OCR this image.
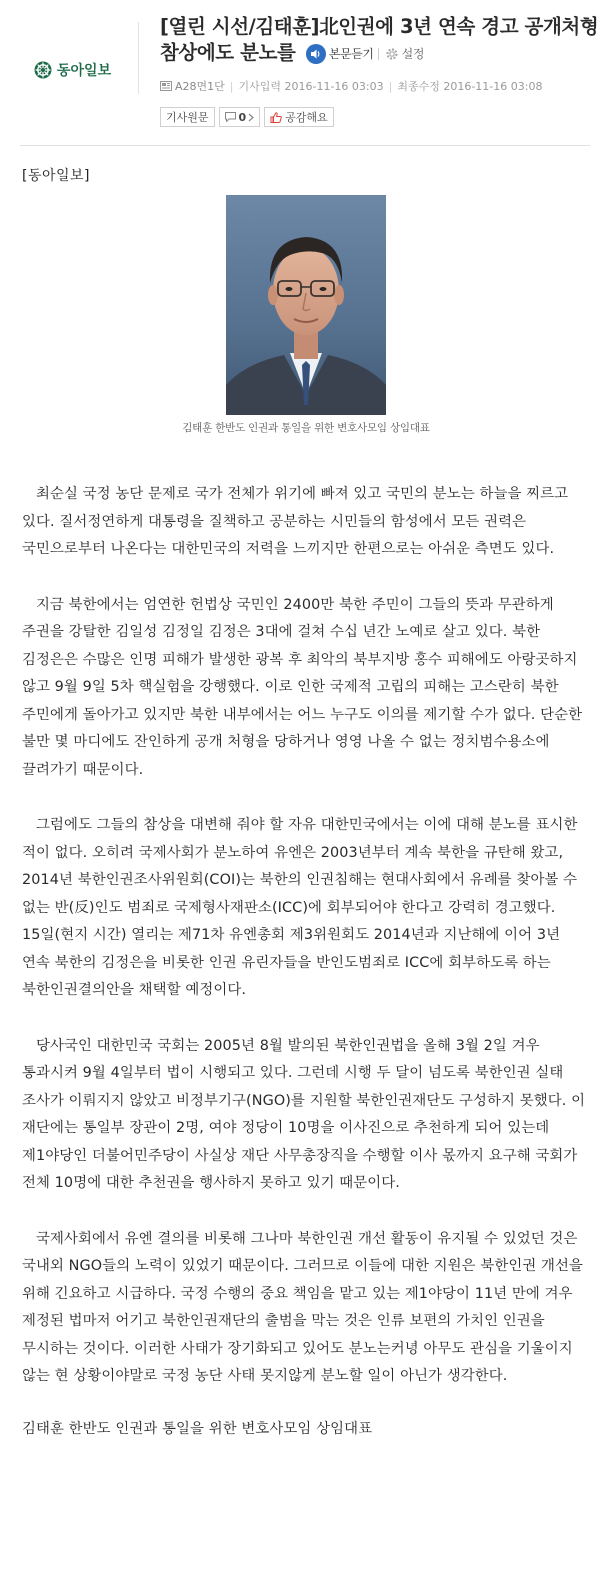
동아일보
[열린 시선/김태훈]北인권에 3년 연속 경고 공개처형 참상에도 분노를	본문듣기 설정
A28면1단 | 기사입력 2016-11-16 03:03 | 최종수정 2016-11-16 03:08
기사원문	0	공감해요
[동아일보]
김태훈 한반도 인권과 통일을 위한 변호사모임 상임대표

최순실 국정 농단 문제로 국가 전체가 위기에 빠져 있고 국민의 분노는 하늘을 찌르고 있다. 질서정연하게 대통령을 질책하고 공분하는 시민들의 함성에서 모든 권력은 국민으로부터 나온다는 대한민국의 저력을 느끼지만 한편으로는 아쉬운 측면도 있다.

지금 북한에서는 엄연한 헌법상 국민인 2400만 북한 주민이 그들의 뜻과 무관하게 주권을 강탈한 김일성 김정일 김정은 3대에 걸쳐 수십 년간 노예로 살고 있다. 북한 김정은은 수많은 인명 피해가 발생한 광복 후 최악의 북부지방 홍수 피해에도 아랑곳하지 않고 9월 9일 5차 핵실험을 강행했다. 이로 인한 국제적 고립의 피해는 고스란히 북한 주민에게 돌아가고 있지만 북한 내부에서는 어느 누구도 이의를 제기할 수가 없다. 단순한 불만 몇 마디에도 잔인하게 공개 처형을 당하거나 영영 나올 수 없는 정치범수용소에 끌려가기 때문이다.

그럼에도 그들의 참상을 대변해 줘야 할 자유 대한민국에서는 이에 대해 분노를 표시한 적이 없다. 오히려 국제사회가 분노하여 유엔은 2003년부터 계속 북한을 규탄해 왔고, 2014년 북한인권조사위원회(COI)는 북한의 인권침해는 현대사회에서 유례를 찾아볼 수 없는 반(反)인도 범죄로 국제형사재판소(ICC)에 회부되어야 한다고 강력히 경고했다. 15일(현지 시간) 열리는 제71차 유엔총회 제3위원회도 2014년과 지난해에 이어 3년 연속 북한의 김정은을 비롯한 인권 유린자들을 반인도범죄로 ICC에 회부하도록 하는 북한인권결의안을 채택할 예정이다.

당사국인 대한민국 국회는 2005년 8월 발의된 북한인권법을 올해 3월 2일 겨우 통과시켜 9월 4일부터 법이 시행되고 있다. 그런데 시행 두 달이 넘도록 북한인권 실태 조사가 이뤄지지 않았고 비정부기구(NGO)를 지원할 북한인권재단도 구성하지 못했다. 이 재단에는 통일부 장관이 2명, 여야 정당이 10명을 이사진으로 추천하게 되어 있는데 제1야당인 더불어민주당이 사실상 재단 사무총장직을 수행할 이사 몫까지 요구해 국회가 전체 10명에 대한 추천권을 행사하지 못하고 있기 때문이다.

국제사회에서 유엔 결의를 비롯해 그나마 북한인권 개선 활동이 유지될 수 있었던 것은 국내외 NGO들의 노력이 있었기 때문이다. 그러므로 이들에 대한 지원은 북한인권 개선을 위해 긴요하고 시급하다. 국정 수행의 중요 책임을 맡고 있는 제1야당이 11년 만에 겨우 제정된 법마저 어기고 북한인권재단의 출범을 막는 것은 인류 보편의 가치인 인권을 무시하는 것이다. 이러한 사태가 장기화되고 있어도 분노는커녕 아무도 관심을 기울이지 않는 현 상황이야말로 국정 농단 사태 못지않게 분노할 일이 아닌가 생각한다.

김태훈 한반도 인권과 통일을 위한 변호사모임 상임대표
